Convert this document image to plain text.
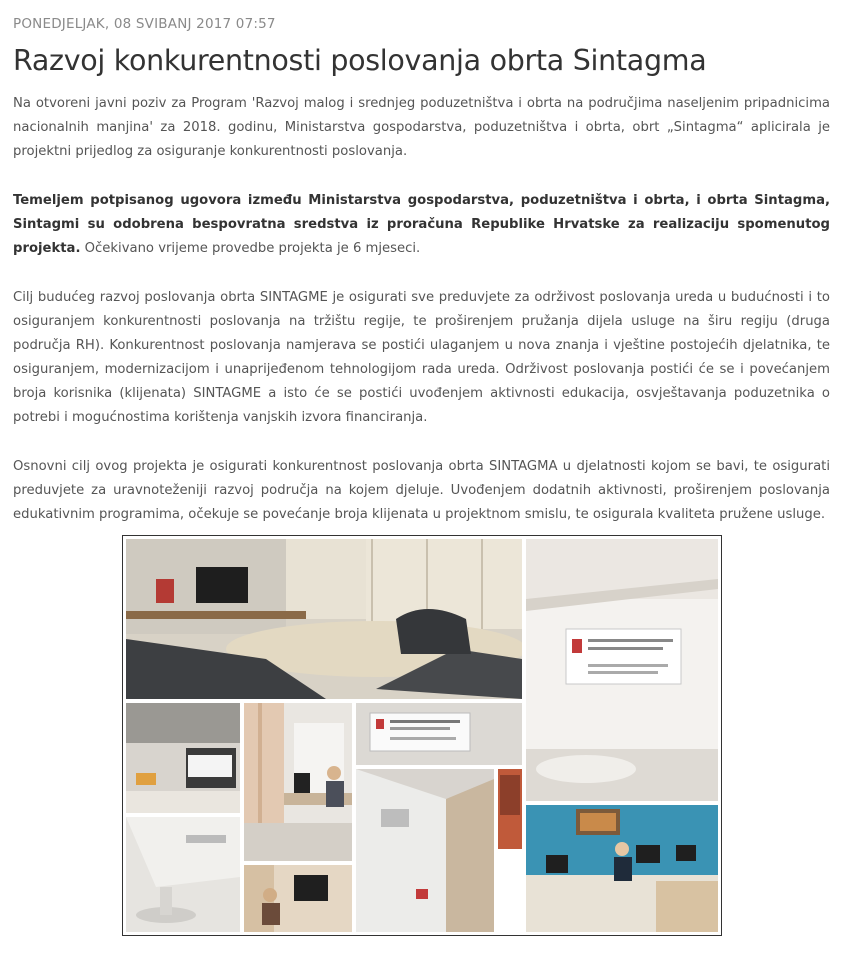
PONEDJELJAK, 08 SVIBANJ 2017 07:57
Razvoj konkurentnosti poslovanja obrta Sintagma

Na otvoreni javni poziv za Program 'Razvoj malog i srednjeg poduzetništva i obrta na područjima naseljenim pripadnicima nacionalnih manjina' za 2018. godinu, Ministarstva gospodarstva, poduzetništva i obrta, obrt „Sintagma“ aplicirala je projektni prijedlog za osiguranje konkurentnosti poslovanja.

Temeljem potpisanog ugovora između Ministarstva gospodarstva, poduzetništva i obrta, i obrta Sintagma, Sintagmi su odobrena bespovratna sredstva iz proračuna Republike Hrvatske za realizaciju spomenutog projekta. Očekivano vrijeme provedbe projekta je 6 mjeseci.

Cilj budućeg razvoj poslovanja obrta SINTAGME je osigurati sve preduvjete za održivost poslovanja ureda u budućnosti i to osiguranjem konkurentnosti poslovanja na tržištu regije, te proširenjem pružanja dijela usluge na širu regiju (druga područja RH). Konkurentnost poslovanja namjerava se postići ulaganjem u nova znanja i vještine postojećih djelatnika, te osiguranjem, modernizacijom i unaprijeđenom tehnologijom rada ureda. Održivost poslovanja postići će se i povećanjem broja korisnika (klijenata) SINTAGME a isto će se postići uvođenjem aktivnosti edukacija, osvještavanja poduzetnika o potrebi i mogućnostima korištenja vanjskih izvora financiranja.

Osnovni cilj ovog projekta je osigurati konkurentnost poslovanja obrta SINTAGMA u djelatnosti kojom se bavi, te osigurati preduvjete za uravnoteženiji razvoj područja na kojem djeluje. Uvođenjem dodatnih aktivnosti, proširenjem poslovanja edukativnim programima, očekuje se povećanje broja klijenata u projektnom smislu, te osigurala kvaliteta pružene usluge.
